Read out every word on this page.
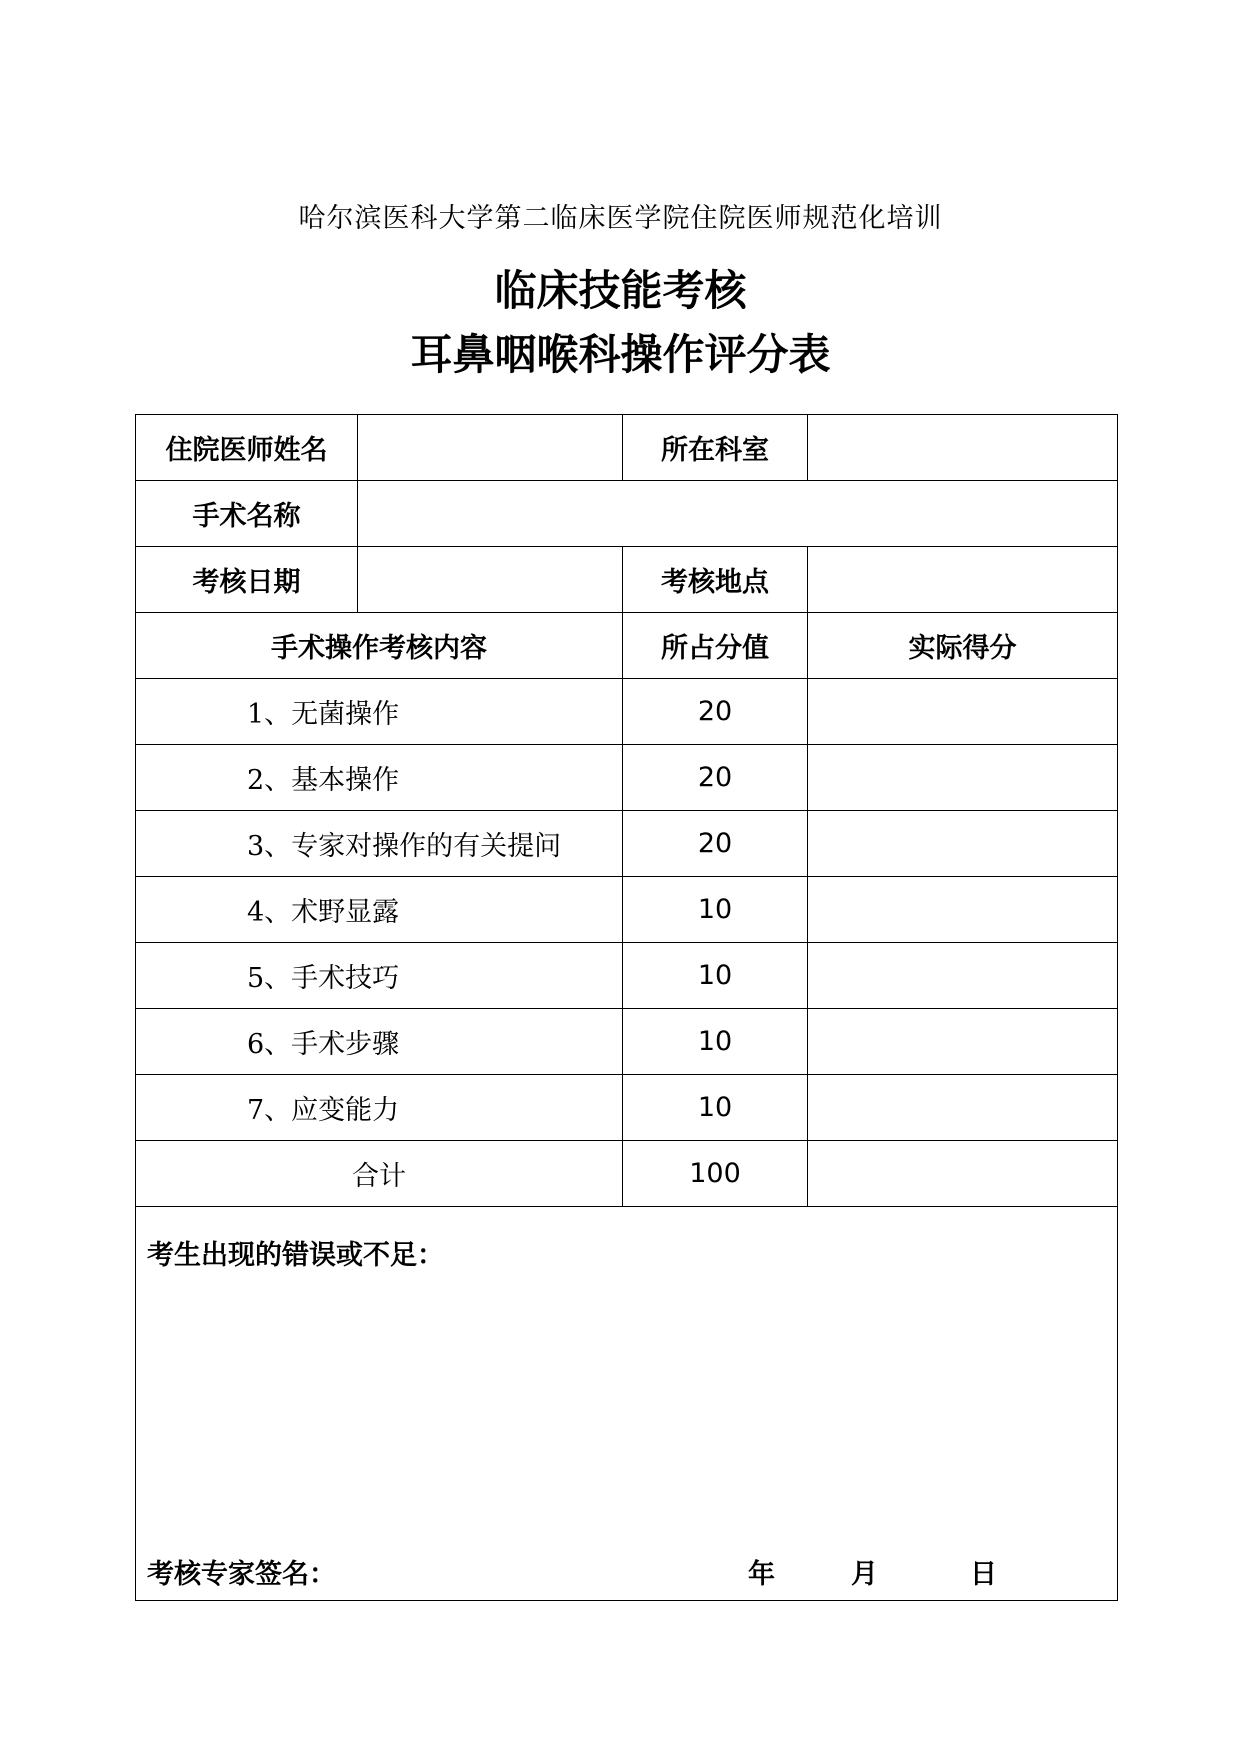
哈尔滨医科大学第二临床医学院住院医师规范化培训
临床技能考核
耳鼻咽喉科操作评分表
住院医师姓名		所在科室	
手术名称			
考核日期		考核地点	
手术操作考核内容		所占分值	实际得分
1、无菌操作		20	
2、基本操作		20	
3、专家对操作的有关提问		20	
4、术野显露		10	
5、手术技巧		10	
6、手术步骤		10	
7、应变能力		10	
合计		100	

考生出现的错误或不足：
考核专家签名： 年 月 日			
